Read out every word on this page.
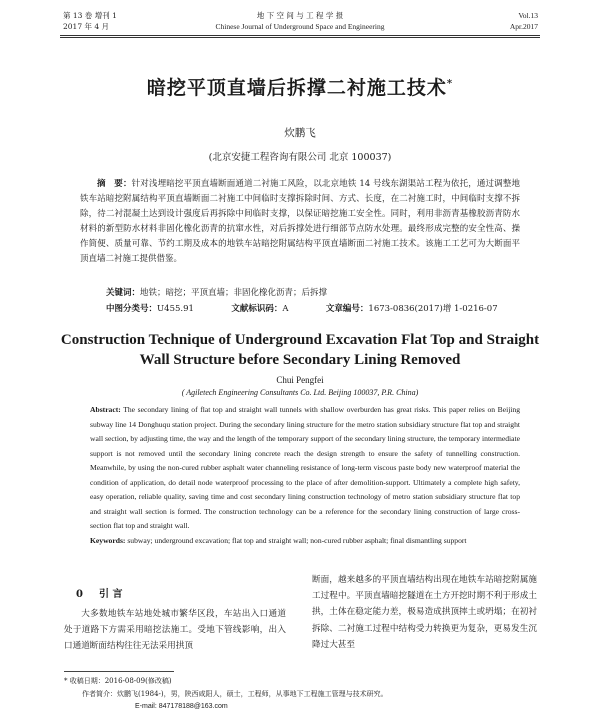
第 13 卷 增刊 1
2017 年 4 月
地 下 空 间 与 工 程 学 报
Chinese Journal of Underground Space and Engineering
Vol.13
Apr.2017
暗挖平顶直墙后拆撑二衬施工技术*
炊鹏飞
(北京安捷工程咨询有限公司 北京 100037)
摘　要：针对浅埋暗挖平顶直墙断面通道二衬施工风险，以北京地铁 14 号线东湖渠站工程为依托，通过调整地铁车站暗挖附属结构平顶直墙断面二衬施工中间临时支撑拆除时间、方式、长度，在二衬施工时，中间临时支撑不拆除，待二衬混凝土达到设计强度后再拆除中间临时支撑，以保证暗挖施工安全性。同时，利用非沥青基橡胶沥青防水材料的新型防水材料非固化橡化沥青的抗窜水性，对后拆撑处进行细部节点防水处理。最终形成完整的安全性高、操作简便、质量可靠、节约工期及成本的地铁车站暗挖附属结构平顶直墙断面二衬施工技术。该施工工艺可为大断面平顶直墙二衬施工提供借鉴。
关键词：地铁；暗挖；平顶直墙；非固化橡化沥青；后拆撑
中图分类号：U455.91	文献标识码：A	文章编号：1673-0836(2017)增 1-0216-07
Construction Technique of Underground Excavation Flat Top and Straight Wall Structure before Secondary Lining Removed
Chui Pengfei
( Agiletech Engineering Consultants Co. Ltd. Beijing 100037, P.R. China)
Abstract: The secondary lining of flat top and straight wall tunnels with shallow overburden has great risks. This paper relies on Beijing subway line 14 Donghuqu station project. During the secondary lining structure for the metro station subsidiary structure flat top and straight wall section, by adjusting time, the way and the length of the temporary support of the secondary lining structure, the temporary intermediate support is not removed until the secondary lining concrete reach the design strength to ensure the safety of tunnelling construction. Meanwhile, by using the non-cured rubber asphalt water channeling resistance of long-term viscous paste body new waterproof material the condition of application, do detail node waterproof processing to the place of after demolition-support. Ultimately a complete high safety, easy operation, reliable quality, saving time and cost secondary lining construction technology of metro station subsidiary structure flat top and straight wall section is formed. The construction technology can be a reference for the secondary lining construction of large cross-section flat top and straight wall.
Keywords: subway; underground excavation; flat top and straight wall; non-cured rubber asphalt; final dismantling support
0 引 言
大多数地铁车站地处城市繁华区段，车站出入口通道处于道路下方需采用暗挖法施工。受地下管线影响，出入口通道断面结构往往无法采用拱顶
断面，越来越多的平顶直墙结构出现在地铁车站暗挖附属施工过程中。平顶直墙暗挖隧道在土方开挖时期不利于形成土拱，土体在稳定能力差，极易造成拱顶摔土或坍塌；在初衬拆除、二衬施工过程中结构受力转换更为复杂，更易发生沉降过大甚至
* 收稿日期：2016-08-09(修改稿)
作者简介：炊鹏飞(1984-)，男，陕西咸阳人，硕士，工程师，从事地下工程施工管理与技术研究。
E-mail: 847178188@163.com
